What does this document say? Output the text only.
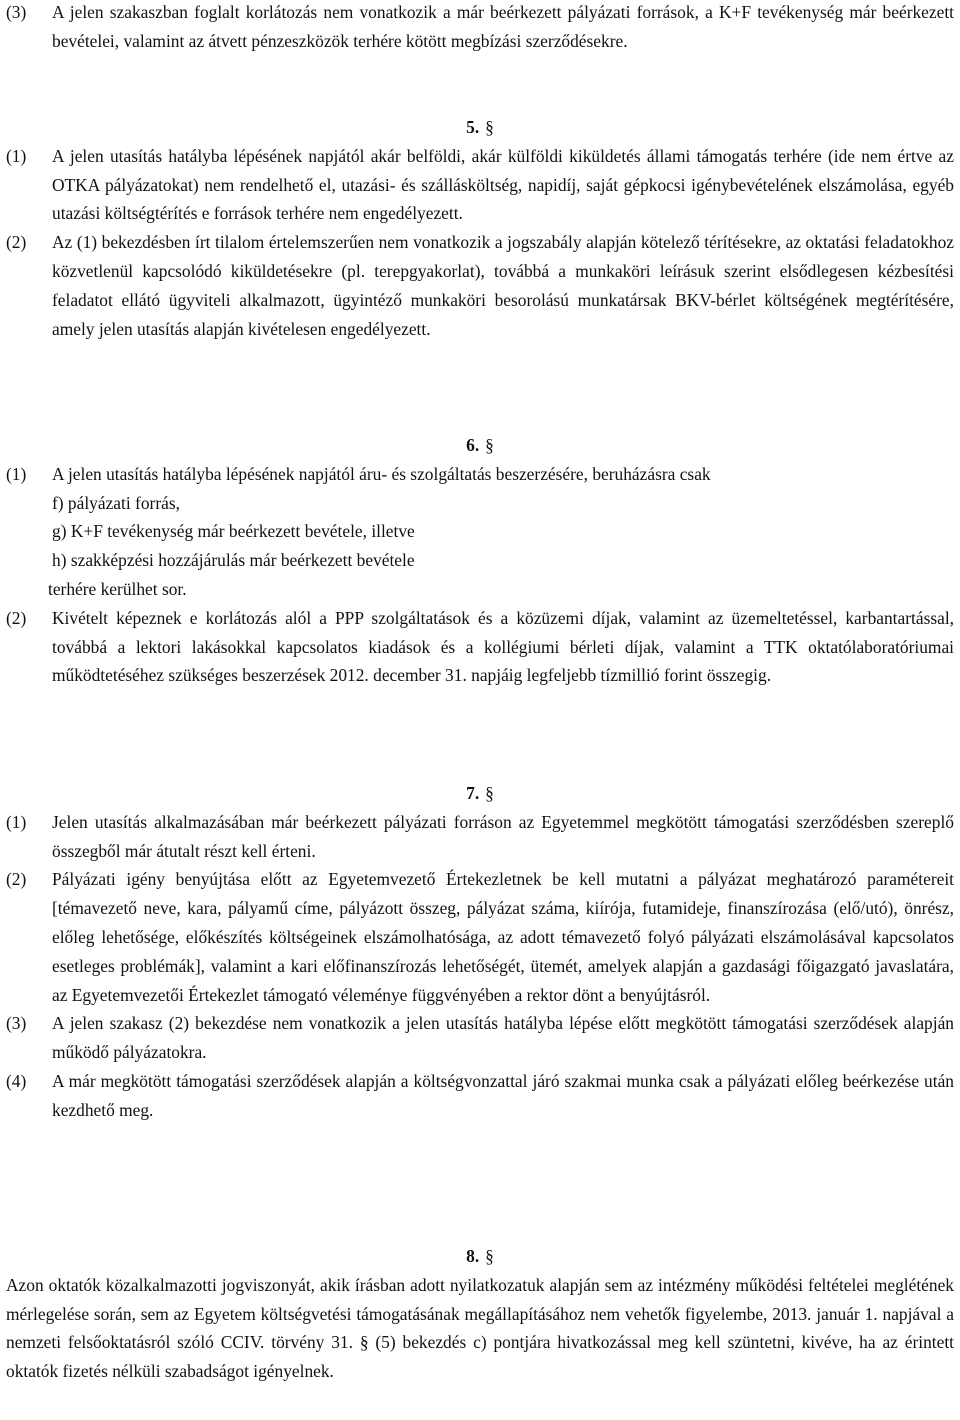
(3)	A jelen szakaszban foglalt korlátozás nem vonatkozik a már beérkezett pályázati források, a K+F tevékenység már beérkezett bevételei, valamint az átvett pénzeszközök terhére kötött megbízási szerződésekre.
5. §
(1)	A jelen utasítás hatályba lépésének napjától akár belföldi, akár külföldi kiküldetés állami támogatás terhére (ide nem értve az OTKA pályázatokat) nem rendelhető el, utazási- és szállásköltség, napidíj, saját gépkocsi igénybevételének elszámolása, egyéb utazási költségtérítés e források terhére nem engedélyezett.
(2)	Az (1) bekezdésben írt tilalom értelemszerűen nem vonatkozik a jogszabály alapján kötelező térítésekre, az oktatási feladatokhoz közvetlenül kapcsolódó kiküldetésekre (pl. terepgyakorlat), továbbá a munkaköri leírásuk szerint elsődlegesen kézbesítési feladatot ellátó ügyviteli alkalmazott, ügyintéző munkaköri besorolású munkatársak BKV-bérlet költségének megtérítésére, amely jelen utasítás alapján kivételesen engedélyezett.
6. §
(1)	A jelen utasítás hatályba lépésének napjától áru- és szolgáltatás beszerzésére, beruházásra csak
f) pályázati forrás,
g) K+F tevékenység már beérkezett bevétele, illetve
h) szakképzési hozzájárulás már beérkezett bevétele
terhére kerülhet sor.
(2)	Kivételt képeznek e korlátozás alól a PPP szolgáltatások és a közüzemi díjak, valamint az üzemeltetéssel, karbantartással, továbbá a lektori lakásokkal kapcsolatos kiadások és a kollégiumi bérleti díjak, valamint a TTK oktatólaboratóriumai működtetéséhez szükséges beszerzések 2012. december 31. napjáig legfeljebb tízmillió forint összegig.
7. §
(1)	Jelen utasítás alkalmazásában már beérkezett pályázati forráson az Egyetemmel megkötött támogatási szerződésben szereplő összegből már átutalt részt kell érteni.
(2)	Pályázati igény benyújtása előtt az Egyetemvezető Értekezletnek be kell mutatni a pályázat meghatározó paramétereit [témavezető neve, kara, pályamű címe, pályázott összeg, pályázat száma, kiírója, futamideje, finanszírozása (elő/utó), önrész, előleg lehetősége, előkészítés költségeinek elszámolhatósága, az adott témavezető folyó pályázati elszámolásával kapcsolatos esetleges problémák], valamint a kari előfinanszírozás lehetőségét, ütemét, amelyek alapján a gazdasági főigazgató javaslatára, az Egyetemvezetői Értekezlet támogató véleménye függvényében a rektor dönt a benyújtásról.
(3)	A jelen szakasz (2) bekezdése nem vonatkozik a jelen utasítás hatályba lépése előtt megkötött támogatási szerződések alapján működő pályázatokra.
(4)	A már megkötött támogatási szerződések alapján a költségvonzattal járó szakmai munka csak a pályázati előleg beérkezése után kezdhető meg.
8. §
Azon oktatók közalkalmazotti jogviszonyát, akik írásban adott nyilatkozatuk alapján sem az intézmény működési feltételei meglétének mérlegelése során, sem az Egyetem költségvetési támogatásának megállapításához nem vehetők figyelembe, 2013. január 1. napjával a nemzeti felsőoktatásról szóló CCIV. törvény 31. § (5) bekezdés c) pontjára hivatkozással meg kell szüntetni, kivéve, ha az érintett oktatók fizetés nélküli szabadságot igényelnek.
